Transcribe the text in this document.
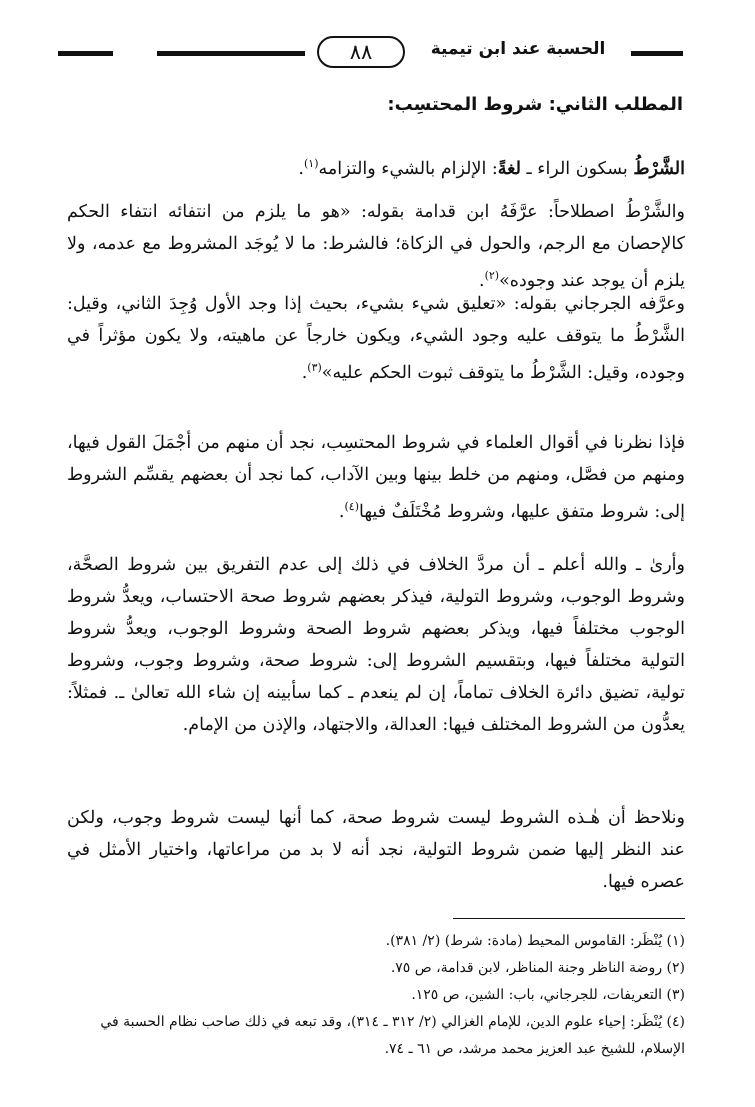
الحسبة عند ابن تيمية
٨٨
المطلب الثاني: شروط المحتسِب:
الشَّرْطُ بسكون الراء ـ لغةً: الإلزام بالشيء والتزامه$^{(١)}$.
والشَّرْطُ اصطلاحاً: عرَّفَهُ ابن قدامة بقوله: «هو ما يلزم من انتفائه انتفاء الحكم كالإحصان مع الرجم، والحول في الزكاة؛ فالشرط: ما لا يُوجَد المشروط مع عدمه، ولا يلزم أن يوجد عند وجوده»$^{(٢)}$.
وعرَّفه الجرجاني بقوله: «تعليق شيء بشيء، بحيث إذا وجد الأول وُجِدَ الثاني، وقيل: الشَّرْطُ ما يتوقف عليه وجود الشيء، ويكون خارجاً عن ماهيته، ولا يكون مؤثراً في وجوده، وقيل: الشَّرْطُ ما يتوقف ثبوت الحكم عليه»$^{(٣)}$.
فإذا نظرنا في أقوال العلماء في شروط المحتسِب، نجد أن منهم من أجْمَلَ القول فيها، ومنهم من فصَّل، ومنهم من خلط بينها وبين الآداب، كما نجد أن بعضهم يقسِّم الشروط إلى: شروط متفق عليها، وشروط مُخْتَلَفٌ فيها$^{(٤)}$.
وأرىٰ ـ والله أعلم ـ أن مردَّ الخلاف في ذلك إلى عدم التفريق بين شروط الصحَّة، وشروط الوجوب، وشروط التولية، فيذكر بعضهم شروط صحة الاحتساب، ويعدُّ شروط الوجوب مختلفاً فيها، ويذكر بعضهم شروط الصحة وشروط الوجوب، ويعدُّ شروط التولية مختلفاً فيها، وبتقسيم الشروط إلى: شروط صحة، وشروط وجوب، وشروط تولية، تضيق دائرة الخلاف تماماً، إن لم ينعدم ـ كما سأبينه إن شاء الله تعالىٰ ـ. فمثلاً: يعدُّون من الشروط المختلف فيها: العدالة، والاجتهاد، والإذن من الإمام.
ونلاحظ أن هٰـذه الشروط ليست شروط صحة، كما أنها ليست شروط وجوب، ولكن عند النظر إليها ضمن شروط التولية، نجد أنه لا بد من مراعاتها، واختيار الأمثل في عصره فيها.

(١) يُنْظَر: القاموس المحيط (مادة: شرط) (٢/ ٣٨١).

(٢) روضة الناظر وجنة المناظر، لابن قدامة، ص ٧٥.

(٣) التعريفات، للجرجاني، باب: الشين، ص ١٢٥.

(٤) يُنْظَر: إحياء علوم الدين، للإمام الغزالي (٢/ ٣١٢ ـ ٣١٤)، وقد تبعه في ذلك صاحب نظام الحسبة في الإسلام، للشيخ عبد العزيز محمد مرشد، ص ٦١ ـ ٧٤.
